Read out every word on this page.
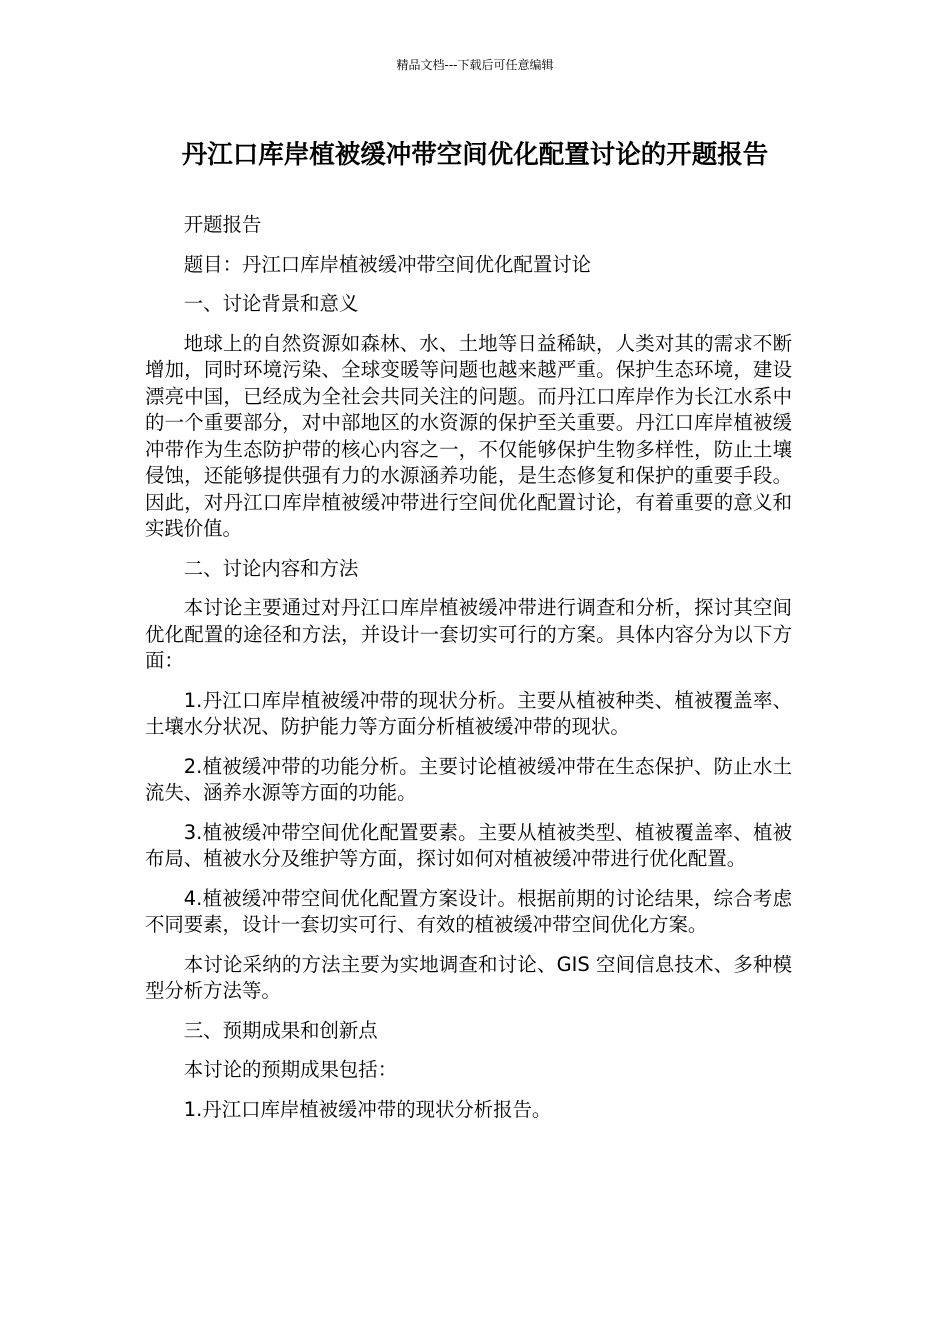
精品文档---下载后可任意编辑
丹江口库岸植被缓冲带空间优化配置讨论的开题报告

开题报告

题目：丹江口库岸植被缓冲带空间优化配置讨论

一、讨论背景和意义

地球上的自然资源如森林、水、土地等日益稀缺，人类对其的需求不断增加，同时环境污染、全球变暖等问题也越来越严重。保护生态环境，建设漂亮中国，已经成为全社会共同关注的问题。而丹江口库岸作为长江水系中的一个重要部分，对中部地区的水资源的保护至关重要。丹江口库岸植被缓冲带作为生态防护带的核心内容之一，不仅能够保护生物多样性，防止土壤侵蚀，还能够提供强有力的水源涵养功能，是生态修复和保护的重要手段。因此，对丹江口库岸植被缓冲带进行空间优化配置讨论，有着重要的意义和实践价值。

二、讨论内容和方法

本讨论主要通过对丹江口库岸植被缓冲带进行调查和分析，探讨其空间优化配置的途径和方法，并设计一套切实可行的方案。具体内容分为以下方面：

1.丹江口库岸植被缓冲带的现状分析。主要从植被种类、植被覆盖率、土壤水分状况、防护能力等方面分析植被缓冲带的现状。

2.植被缓冲带的功能分析。主要讨论植被缓冲带在生态保护、防止水土流失、涵养水源等方面的功能。

3.植被缓冲带空间优化配置要素。主要从植被类型、植被覆盖率、植被布局、植被水分及维护等方面，探讨如何对植被缓冲带进行优化配置。

4.植被缓冲带空间优化配置方案设计。根据前期的讨论结果，综合考虑不同要素，设计一套切实可行、有效的植被缓冲带空间优化方案。

本讨论采纳的方法主要为实地调查和讨论、GIS 空间信息技术、多种模型分析方法等。

三、预期成果和创新点

本讨论的预期成果包括：

1.丹江口库岸植被缓冲带的现状分析报告。
